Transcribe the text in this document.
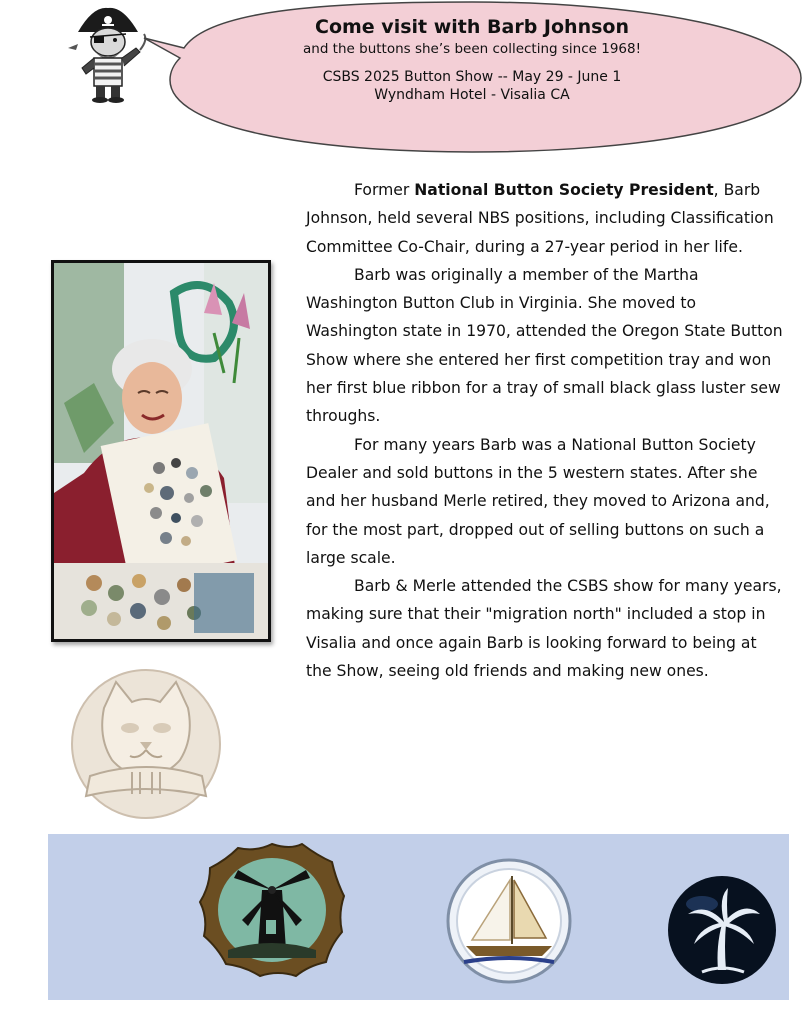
Come visit with Barb Johnson
and the buttons she’s been collecting since 1968!
CSBS 2025 Button Show -- May 29 - June 1
Wyndham Hotel - Visalia CA

Former National Button Society President, Barb Johnson, held several NBS positions, including Classification Committee Co-Chair, during a 27-year period in her life.

Barb was originally a member of the Martha Washington Button Club in Virginia. She moved to Washington state in 1970, attended the Oregon State Button Show where she entered her first competition tray and won her first blue ribbon for a tray of small black glass luster sew throughs.

For many years Barb was a National Button Society Dealer and sold buttons in the 5 western states. After she and her husband Merle retired, they moved to Arizona and, for the most part, dropped out of selling buttons on such a large scale.

Barb & Merle attended the CSBS show for many years, making sure that their "migration north" included a stop in Visalia and once again Barb is looking forward to being at the Show, seeing old friends and making new ones.
